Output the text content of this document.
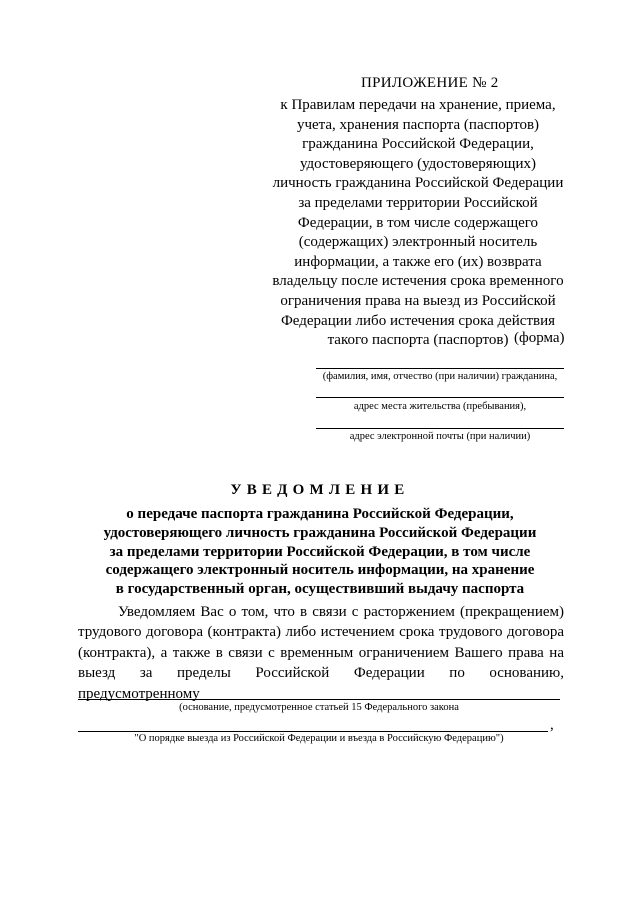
ПРИЛОЖЕНИЕ № 2
к Правилам передачи на хранение, приема, учета, хранения паспорта (паспортов) гражданина Российской Федерации, удостоверяющего (удостоверяющих) личность гражданина Российской Федерации за пределами территории Российской Федерации, в том числе содержащего (содержащих) электронный носитель информации, а также его (их) возврата владельцу после истечения срока временного ограничения права на выезд из Российской Федерации либо истечения срока действия такого паспорта (паспортов) (форма)
(фамилия, имя, отчество (при наличии) гражданина,
адрес места жительства (пребывания),
адрес электронной почты (при наличии)
УВЕДОМЛЕНИЕ
о передаче паспорта гражданина Российской Федерации, удостоверяющего личность гражданина Российской Федерации за пределами территории Российской Федерации, в том числе содержащего электронный носитель информации, на хранение в государственный орган, осуществивший выдачу паспорта
Уведомляем Вас о том, что в связи с расторжением (прекращением) трудового договора (контракта) либо истечением срока трудового договора (контракта), а также в связи с временным ограничением Вашего права на выезд за пределы Российской Федерации по основанию, предусмотренному
(основание, предусмотренное статьей 15 Федерального закона
,
"О порядке выезда из Российской Федерации и въезда в Российскую Федерацию")
